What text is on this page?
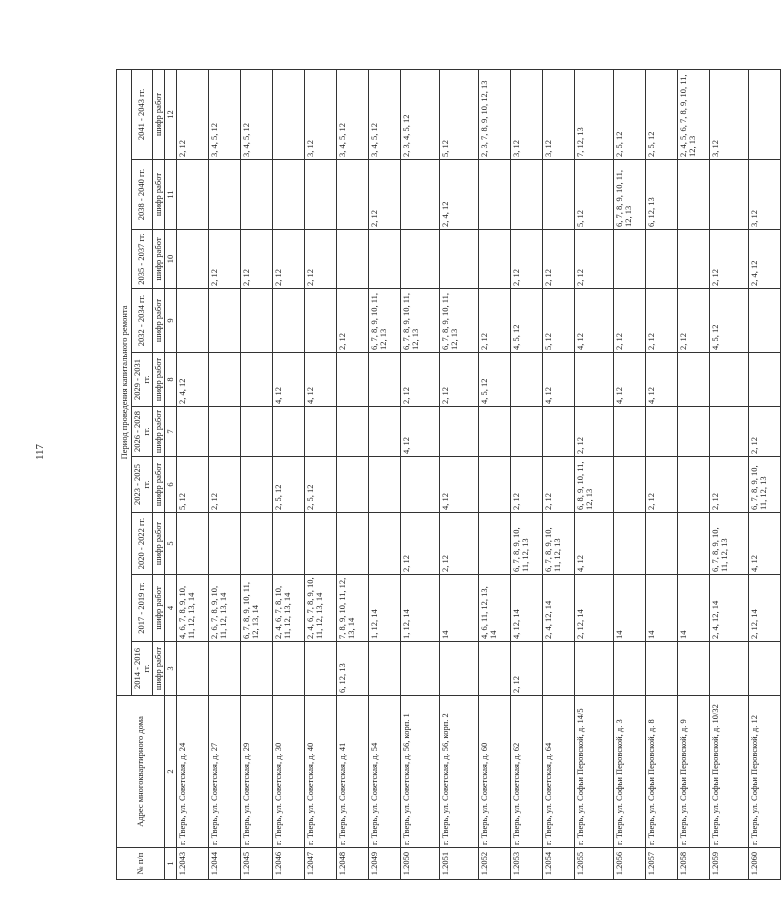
117
№ п/п	Адрес многоквартирного дома	Период проведения капитального ремонта									
		2014 - 2016 гг.	2017 - 2019 гг.	2020 - 2022 гг.	2023 - 2025 гг.	2026 - 2028 гг.	2029 - 2031 гг.	2032 - 2034 гг.	2035 - 2037 гг.	2038 - 2040 гг.	2041 - 2043 гг.
		шифр работ	шифр работ	шифр работ	шифр работ	шифр работ	шифр работ	шифр работ	шифр работ	шифр работ	шифр работ
1	2	3	4	5	6	7	8	9	10	11	12
1.2043	г. Тверь, ул. Советская, д. 24		4, 6, 7, 8, 9, 10, 11, 12, 13, 14		5, 12		2, 4, 12				2, 12
1.2044	г. Тверь, ул. Советская, д. 27		2, 6, 7, 8, 9, 10, 11, 12, 13, 14		2, 12				2, 12		3, 4, 5, 12
1.2045	г. Тверь, ул. Советская, д. 29		6, 7, 8, 9, 10, 11, 12, 13, 14						2, 12		3, 4, 5, 12
1.2046	г. Тверь, ул. Советская, д. 30		2, 4, 6, 7, 8, 10, 11, 12, 13, 14		2, 5, 12		4, 12		2, 12		
1.2047	г. Тверь, ул. Советская, д. 40		2, 4, 6, 7, 8, 9, 10, 11, 12, 13, 14		2, 5, 12		4, 12		2, 12		3, 12
1.2048	г. Тверь, ул. Советская, д. 41	6, 12, 13	7, 8, 9, 10, 11, 12, 13, 14					2, 12			3, 4, 5, 12
1.2049	г. Тверь, ул. Советская, д. 54		1, 12, 14					6, 7, 8, 9, 10, 11, 12, 13		2, 12	3, 4, 5, 12
1.2050	г. Тверь, ул. Советская, д. 56, корп. 1		1, 12, 14	2, 12		4, 12	2, 12	6, 7, 8, 9, 10, 11, 12, 13			2, 3, 4, 5, 12
1.2051	г. Тверь, ул. Советская, д. 56, корп. 2		14	2, 12	4, 12		2, 12	6, 7, 8, 9, 10, 11, 12, 13		2, 4, 12	5, 12
1.2052	г. Тверь, ул. Советская, д. 60		4, 6, 11, 12, 13, 14				4, 5, 12	2, 12			2, 3, 7, 8, 9, 10, 12, 13
1.2053	г. Тверь, ул. Советская, д. 62	2, 12	4, 12, 14	6, 7, 8, 9, 10, 11, 12, 13	2, 12			4, 5, 12	2, 12		3, 12
1.2054	г. Тверь, ул. Советская, д. 64		2, 4, 12, 14	6, 7, 8, 9, 10, 11, 12, 13	2, 12		4, 12	5, 12	2, 12		3, 12
1.2055	г. Тверь, ул. Софьи Перовской, д. 14/5		2, 12, 14	4, 12	6, 8, 9, 10, 11, 12, 13	2, 12		4, 12	2, 12	5, 12	7, 12, 13
1.2056	г. Тверь, ул. Софьи Перовской, д. 3		14				4, 12	2, 12		6, 7, 8, 9, 10, 11, 12, 13	2, 5, 12
1.2057	г. Тверь, ул. Софьи Перовской, д. 8		14		2, 12		4, 12	2, 12		6, 12, 13	2, 5, 12
1.2058	г. Тверь, ул. Софьи Перовской, д. 9		14					2, 12			2, 4, 5, 6, 7, 8, 9, 10, 11, 12, 13
1.2059	г. Тверь, ул. Софьи Перовской, д. 10/32		2, 4, 12, 14	6, 7, 8, 9, 10, 11, 12, 13	2, 12			4, 5, 12	2, 12		3, 12
1.2060	г. Тверь, ул. Софьи Перовской, д. 12		2, 12, 14	4, 12	6, 7, 8, 9, 10, 11, 12, 13	2, 12			2, 4, 12	3, 12	
